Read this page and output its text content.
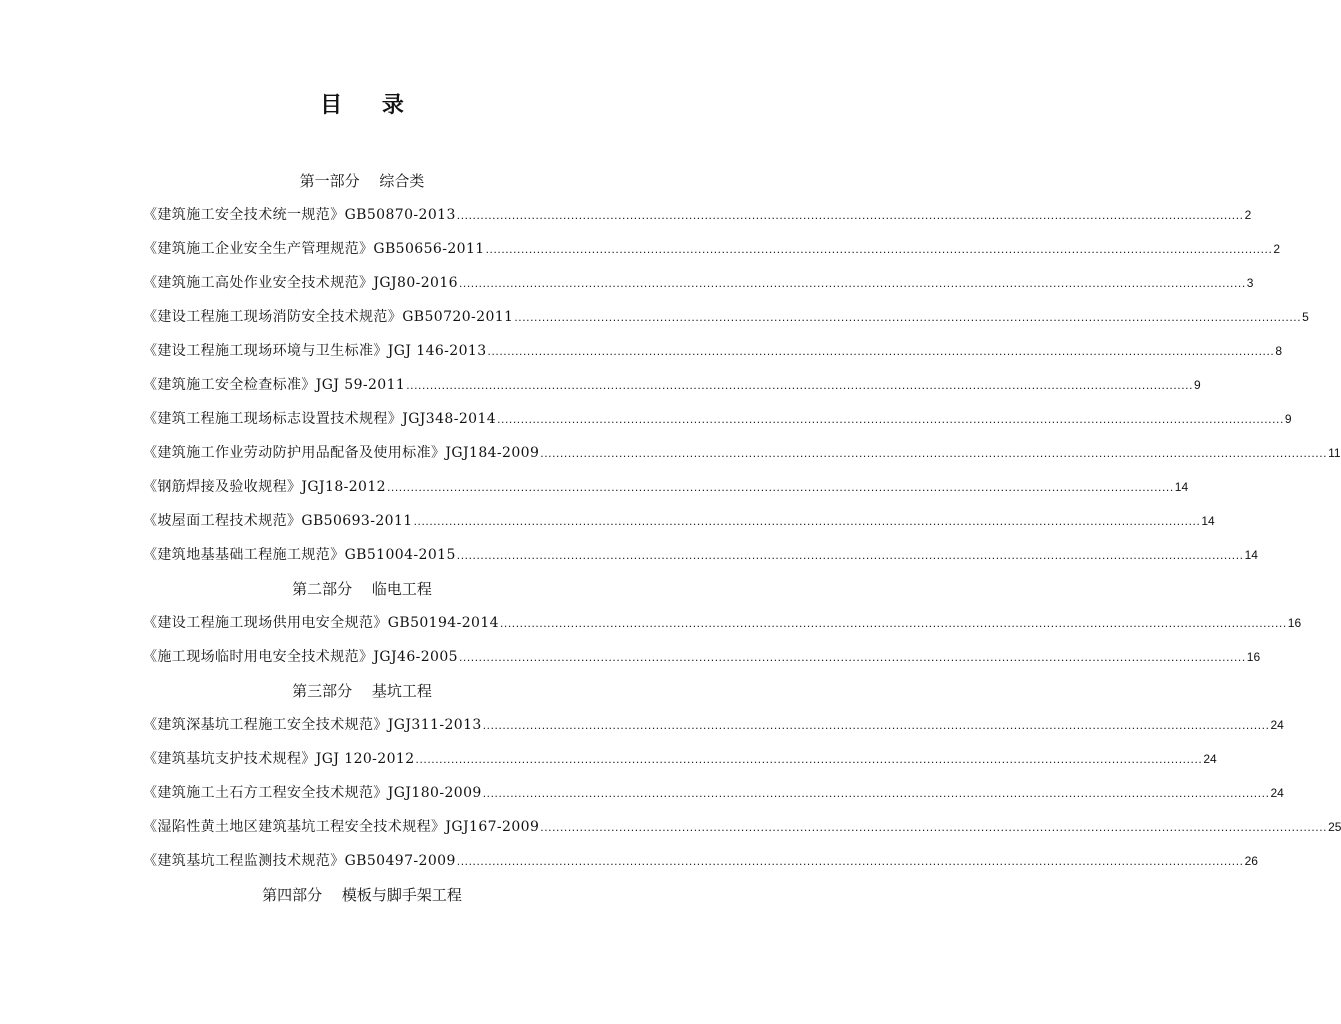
目 录
第一部分　 综合类
《建筑施工安全技术统一规范》GB50870-2013 ........................................................................................................................................................................................................ 2
《建筑施工企业安全生产管理规范》GB50656-2011 ........................................................................................................................................................................................................ 2
《建筑施工高处作业安全技术规范》JGJ80-2016 ........................................................................................................................................................................................................ 3
《建设工程施工现场消防安全技术规范》GB50720-2011 ........................................................................................................................................................................................................ 5
《建设工程施工现场环境与卫生标准》JGJ 146-2013 ........................................................................................................................................................................................................ 8
《建筑施工安全检查标准》JGJ 59-2011 ........................................................................................................................................................................................................ 9
《建筑工程施工现场标志设置技术规程》JGJ348-2014 ........................................................................................................................................................................................................ 9
《建筑施工作业劳动防护用品配备及使用标准》JGJ184-2009 ........................................................................................................................................................................................................ 11
《钢筋焊接及验收规程》JGJ18-2012 ........................................................................................................................................................................................................ 14
《坡屋面工程技术规范》GB50693-2011 ........................................................................................................................................................................................................ 14
《建筑地基基础工程施工规范》GB51004-2015 ........................................................................................................................................................................................................ 14
第二部分　 临电工程
《建设工程施工现场供用电安全规范》GB50194-2014 ........................................................................................................................................................................................................ 16
《施工现场临时用电安全技术规范》JGJ46-2005 ........................................................................................................................................................................................................ 16
第三部分　 基坑工程
《建筑深基坑工程施工安全技术规范》JGJ311-2013 ........................................................................................................................................................................................................ 24
《建筑基坑支护技术规程》JGJ 120-2012 ........................................................................................................................................................................................................ 24
《建筑施工土石方工程安全技术规范》JGJ180-2009 ........................................................................................................................................................................................................ 24
《湿陷性黄土地区建筑基坑工程安全技术规程》JGJ167-2009 ........................................................................................................................................................................................................ 25
《建筑基坑工程监测技术规范》GB50497-2009 ........................................................................................................................................................................................................ 26
第四部分　 模板与脚手架工程
